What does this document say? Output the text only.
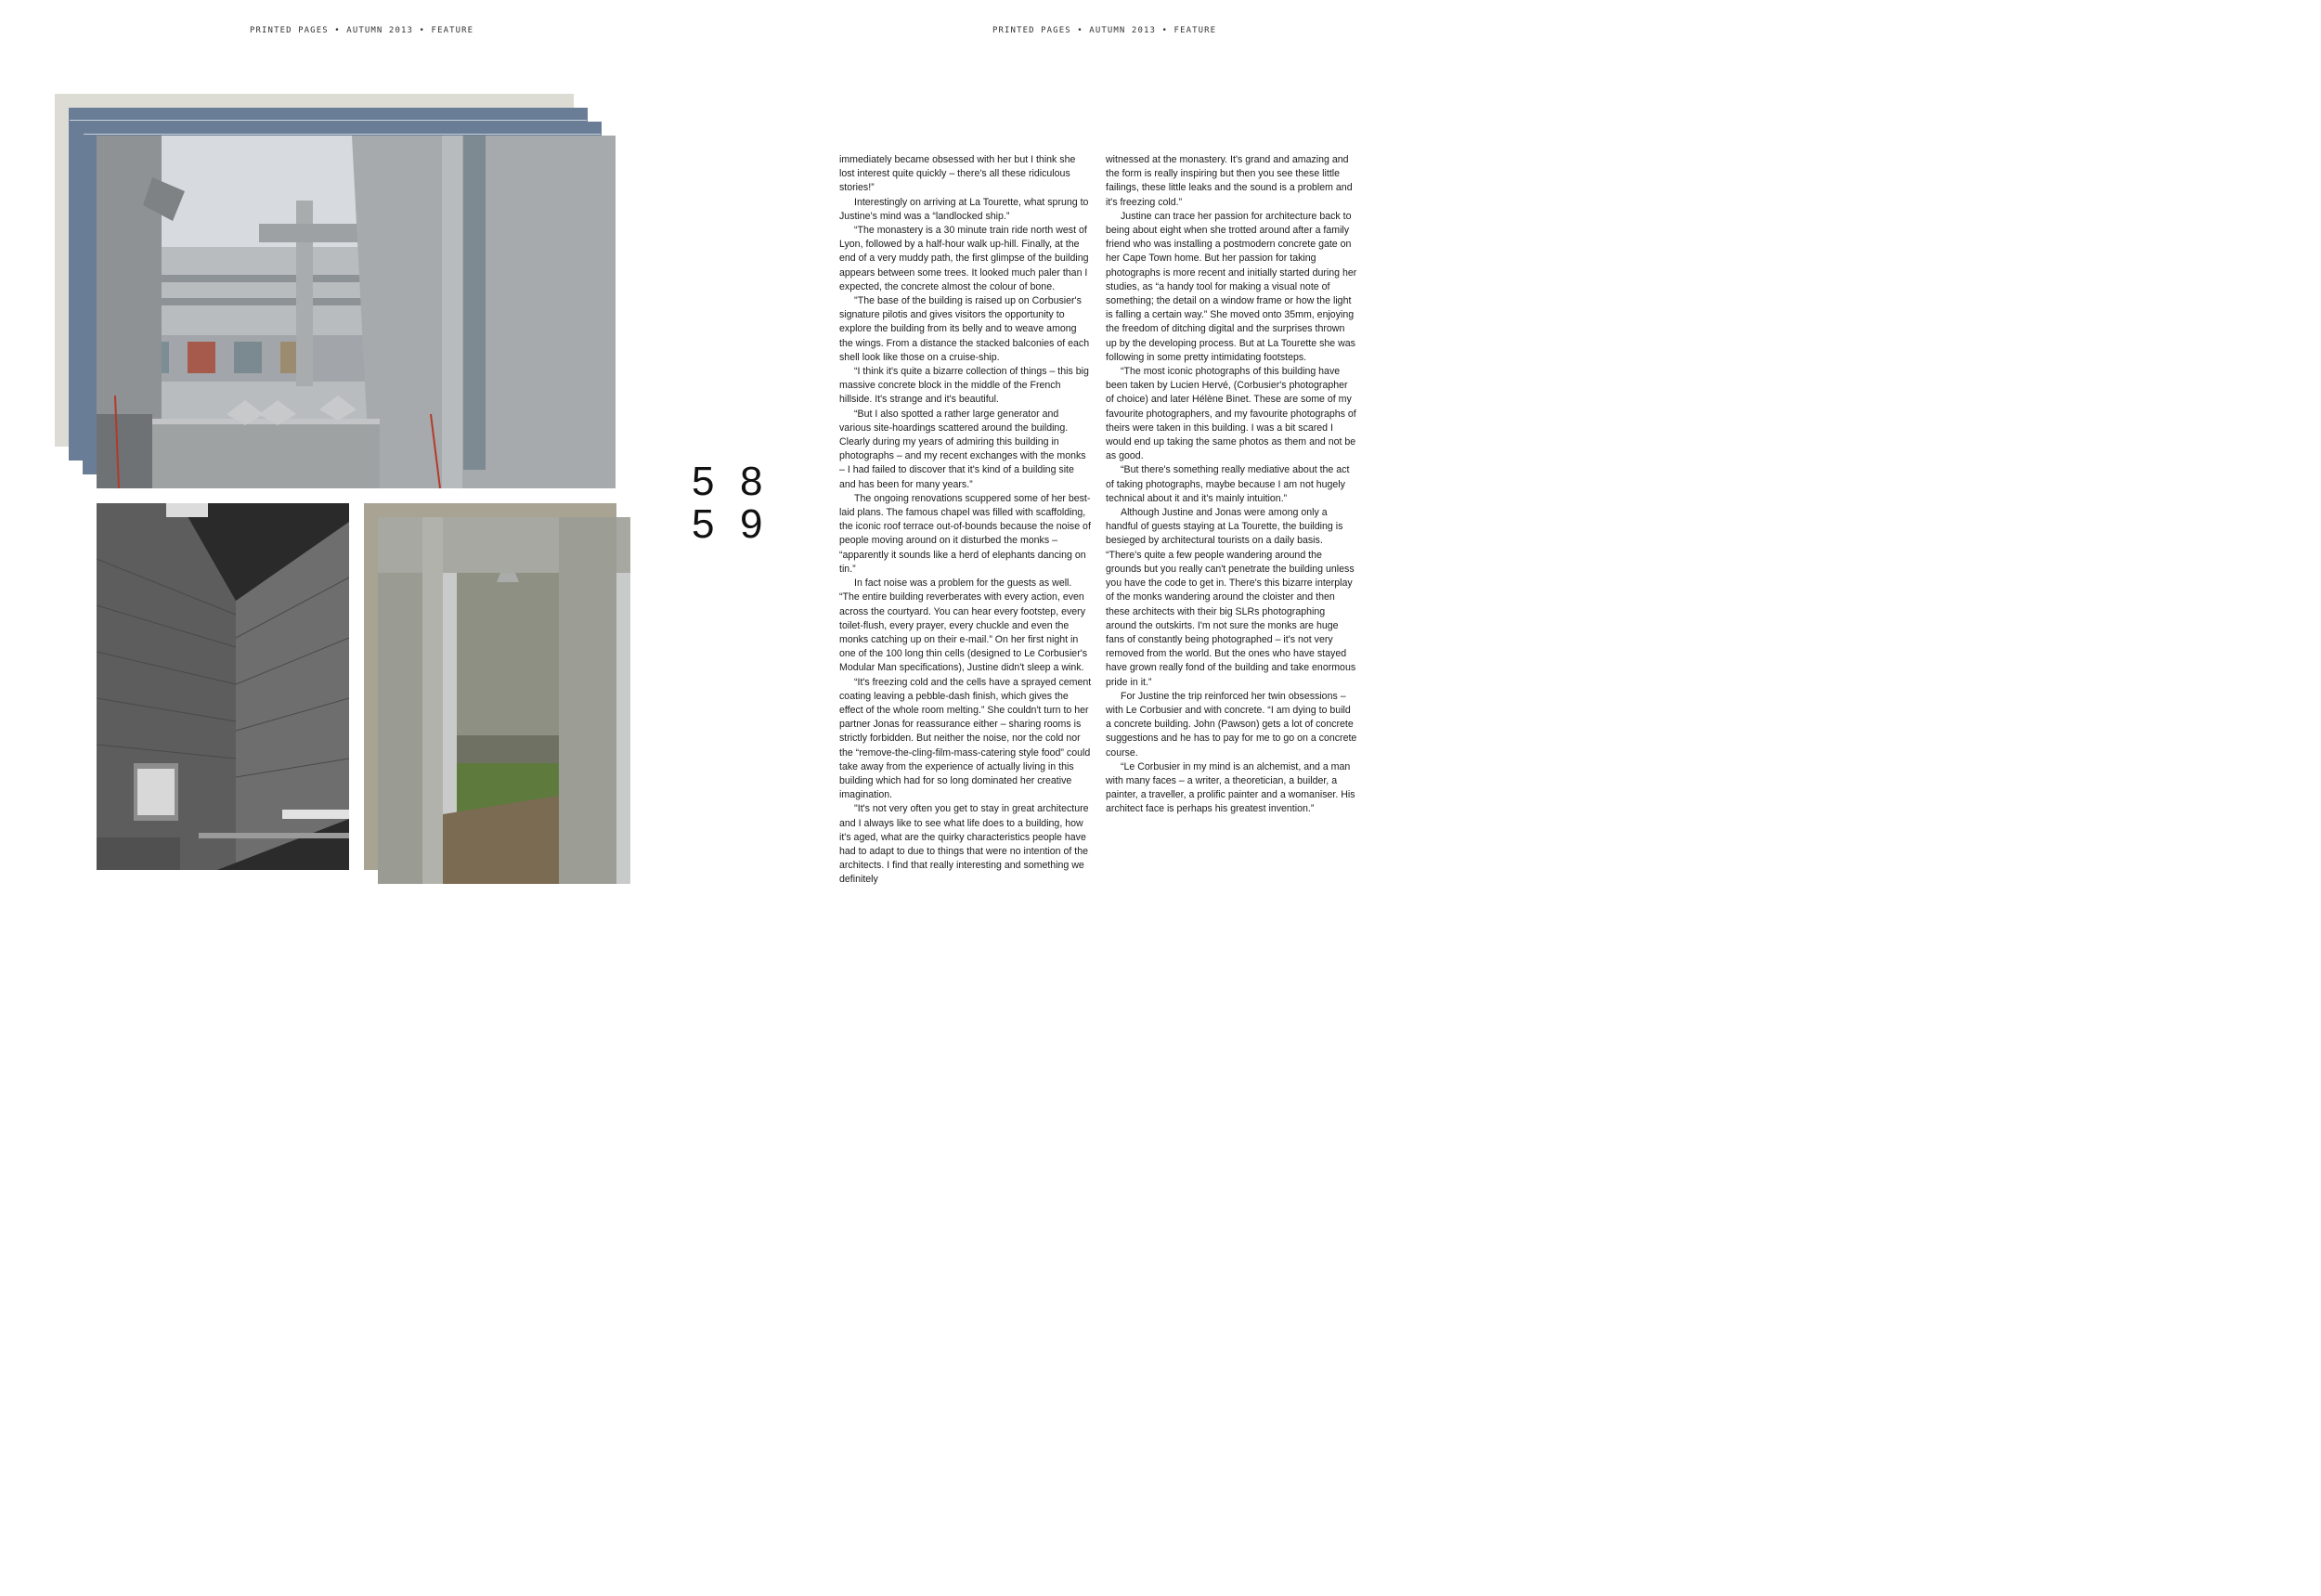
PRINTED PAGES • AUTUMN 2013 • FEATURE	PRINTED PAGES • AUTUMN 2013 • FEATURE
5 8
5 9

immediately became obsessed with her but I think she lost interest quite quickly – there's all these ridiculous stories!”

Interestingly on arriving at La Tourette, what sprung to Justine's mind was a “landlocked ship.”

“The monastery is a 30 minute train ride north west of Lyon, followed by a half-hour walk up-hill. Finally, at the end of a very muddy path, the first glimpse of the building appears between some trees. It looked much paler than I expected, the concrete almost the colour of bone.

"The base of the building is raised up on Corbusier's signature pilotis and gives visitors the opportunity to explore the building from its belly and to weave among the wings. From a distance the stacked balconies of each shell look like those on a cruise-ship.

“I think it's quite a bizarre collection of things – this big massive concrete block in the middle of the French hillside. It's strange and it's beautiful.

“But I also spotted a rather large generator and various site-hoardings scattered around the building. Clearly during my years of admiring this building in photographs – and my recent exchanges with the monks – I had failed to discover that it's kind of a building site and has been for many years.”

The ongoing renovations scuppered some of her best-laid plans. The famous chapel was filled with scaffolding, the iconic roof terrace out-of-bounds because the noise of people moving around on it disturbed the monks – “apparently it sounds like a herd of elephants dancing on tin.”

In fact noise was a problem for the guests as well. “The entire building reverberates with every action, even across the courtyard. You can hear every footstep, every toilet-flush, every prayer, every chuckle and even the monks catching up on their e-mail.” On her first night in one of the 100 long thin cells (designed to Le Corbusier's Modular Man specifications), Justine didn't sleep a wink.

“It's freezing cold and the cells have a sprayed cement coating leaving a pebble-dash finish, which gives the effect of the whole room melting.” She couldn't turn to her partner Jonas for reassurance either – sharing rooms is strictly forbidden. But neither the noise, nor the cold nor the “remove-the-cling-film-mass-catering style food” could take away from the experience of actually living in this building which had for so long dominated her creative imagination.

"It's not very often you get to stay in great architecture and I always like to see what life does to a building, how it's aged, what are the quirky characteristics people have had to adapt to due to things that were no intention of the architects. I find that really interesting and something we definitely

witnessed at the monastery. It's grand and amazing and the form is really inspiring but then you see these little failings, these little leaks and the sound is a problem and it's freezing cold.”

Justine can trace her passion for architecture back to being about eight when she trotted around after a family friend who was installing a postmodern concrete gate on her Cape Town home. But her passion for taking photographs is more recent and initially started during her studies, as “a handy tool for making a visual note of something; the detail on a window frame or how the light is falling a certain way.” She moved onto 35mm, enjoying the freedom of ditching digital and the surprises thrown up by the developing process. But at La Tourette she was following in some pretty intimidating footsteps.

“The most iconic photographs of this building have been taken by Lucien Hervé, (Corbusier's photographer of choice) and later Hélène Binet. These are some of my favourite photographers, and my favourite photographs of theirs were taken in this building. I was a bit scared I would end up taking the same photos as them and not be as good.

“But there's something really mediative about the act of taking photographs, maybe because I am not hugely technical about it and it's mainly intuition.”

Although Justine and Jonas were among only a handful of guests staying at La Tourette, the building is besieged by architectural tourists on a daily basis. “There's quite a few people wandering around the grounds but you really can't penetrate the building unless you have the code to get in. There's this bizarre interplay of the monks wandering around the cloister and then these architects with their big SLRs photographing around the outskirts. I'm not sure the monks are huge fans of constantly being photographed – it's not very removed from the world. But the ones who have stayed have grown really fond of the building and take enormous pride in it.”

For Justine the trip reinforced her twin obsessions – with Le Corbusier and with concrete. “I am dying to build a concrete building. John (Pawson) gets a lot of concrete suggestions and he has to pay for me to go on a concrete course.

“Le Corbusier in my mind is an alchemist, and a man with many faces – a writer, a theoretician, a builder, a painter, a traveller, a prolific painter and a womaniser. His architect face is perhaps his greatest invention.”
